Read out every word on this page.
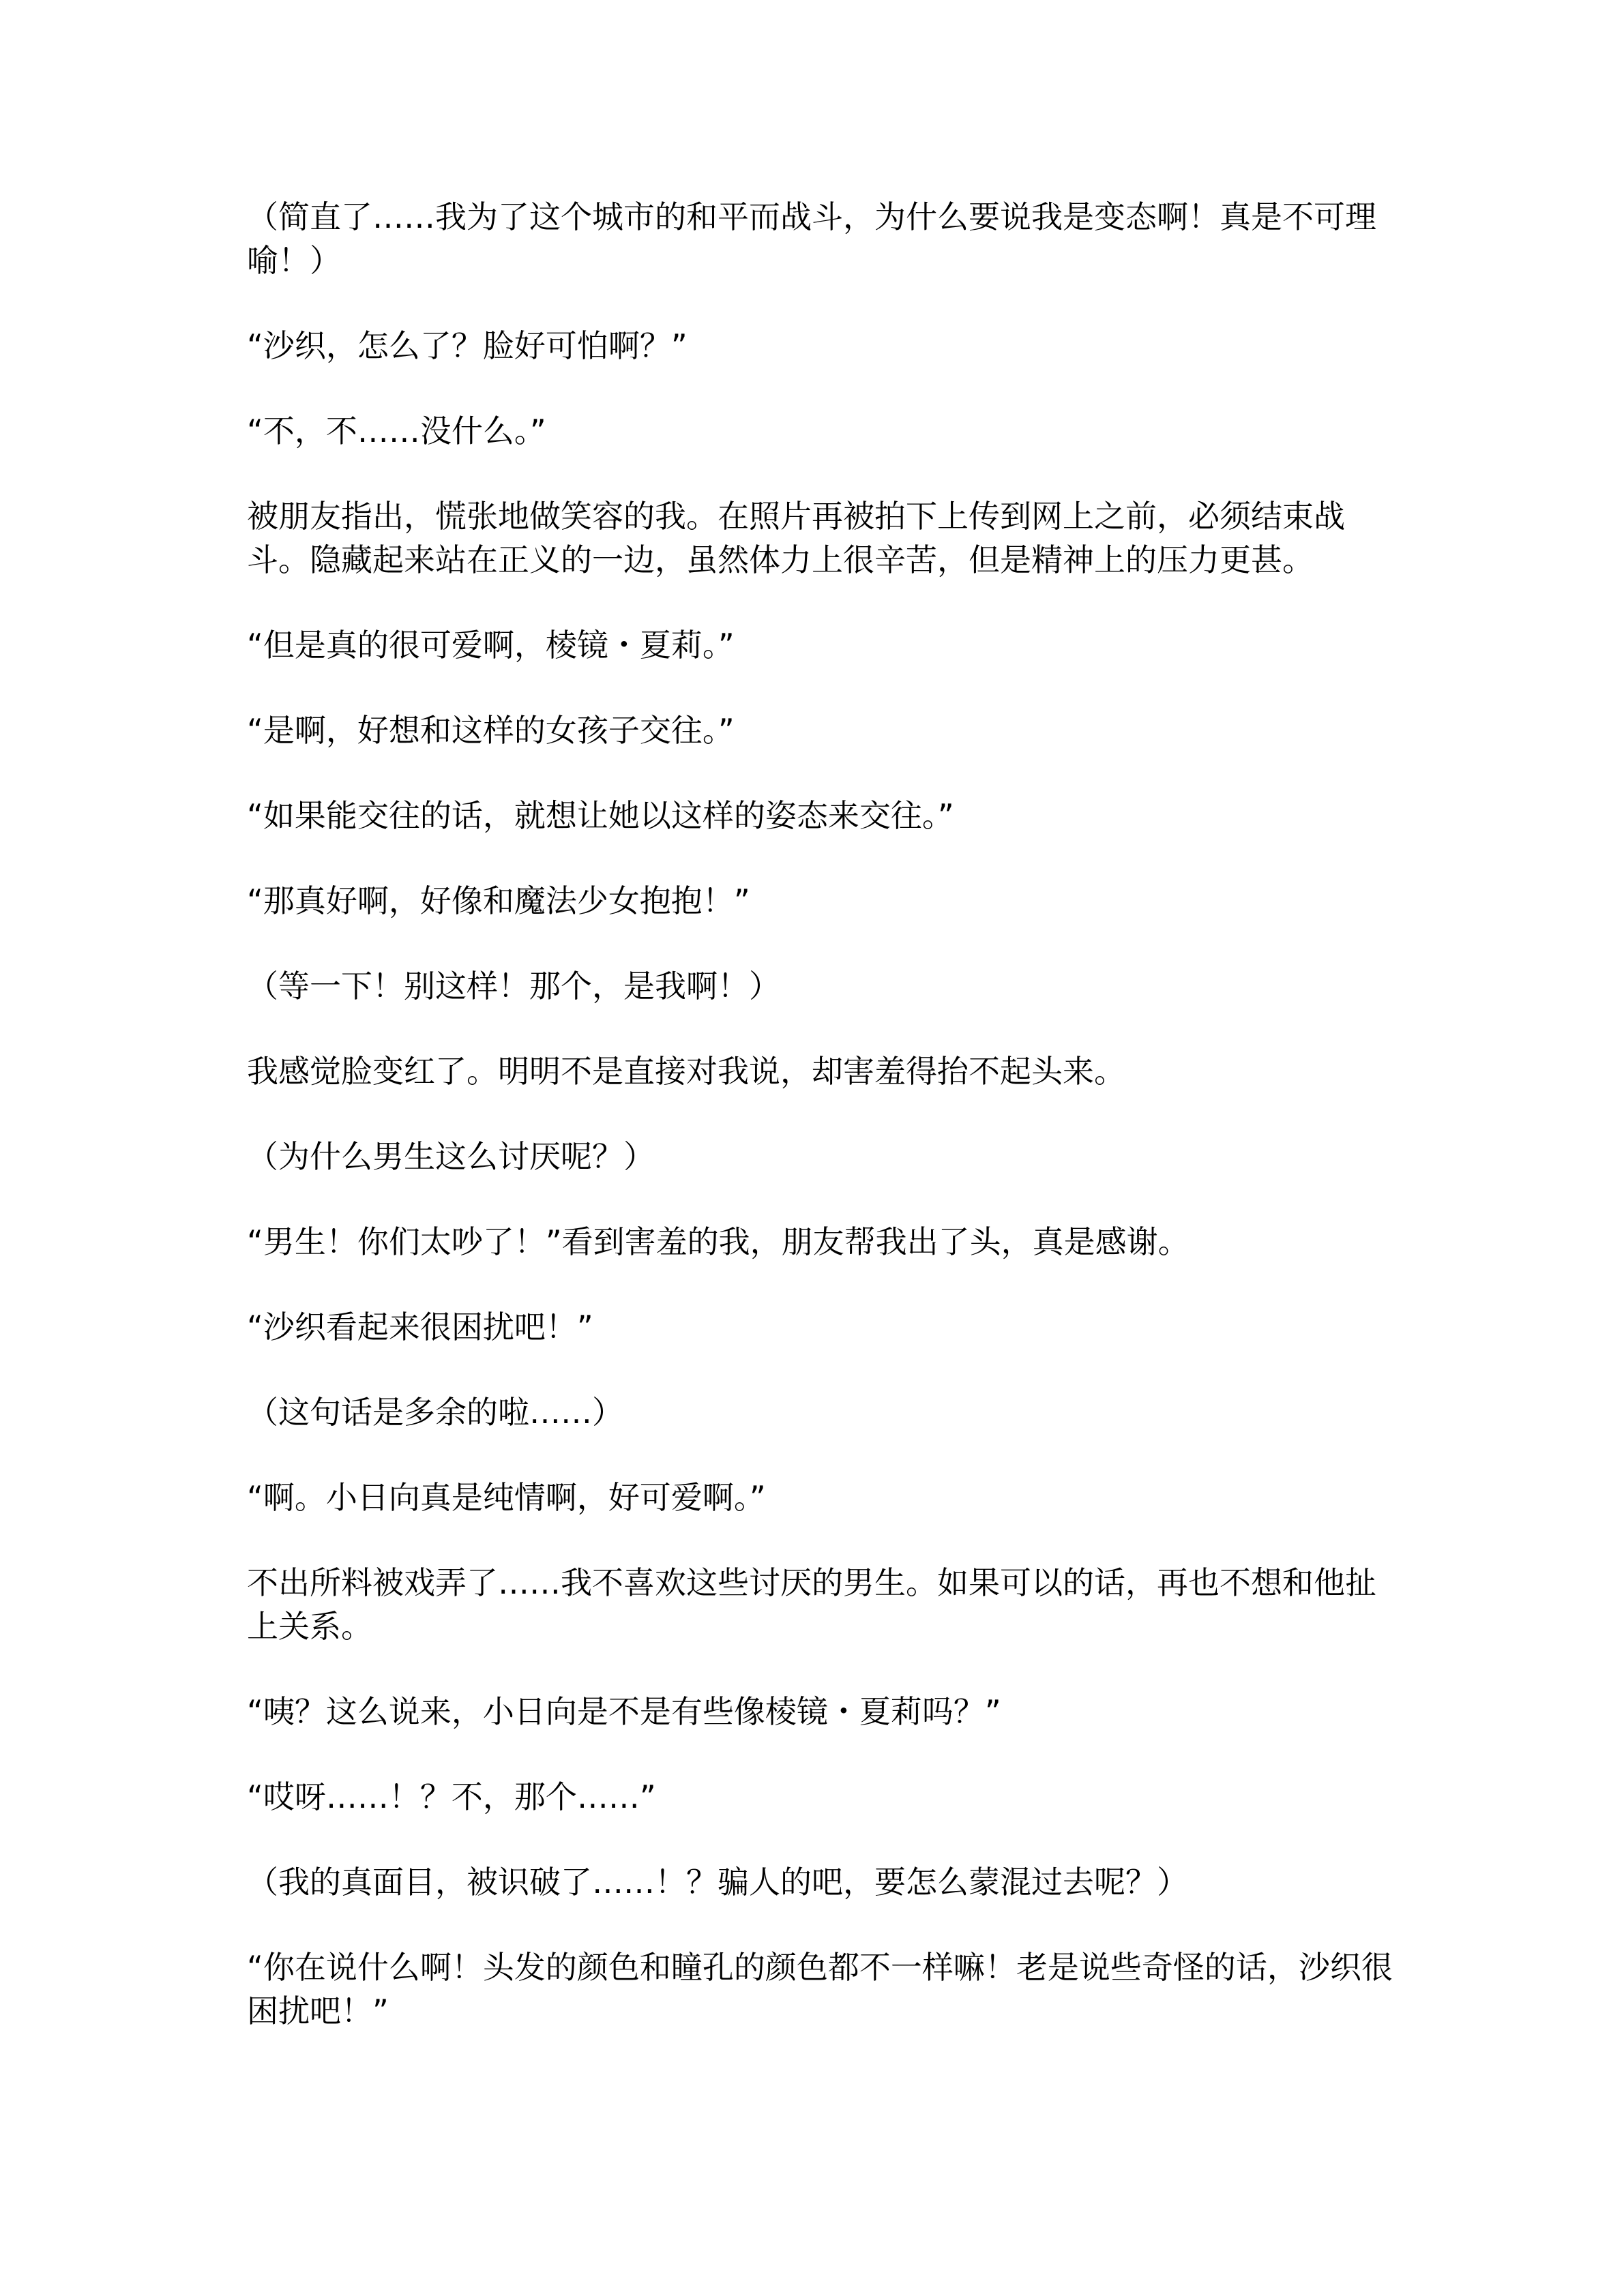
（简直了……我为了这个城市的和平而战斗，为什么要说我是变态啊！真是不可理喻！）

“沙织，怎么了？脸好可怕啊？”

“不，不……没什么。”

被朋友指出，慌张地做笑容的我。在照片再被拍下上传到网上之前，必须结束战斗。隐藏起来站在正义的一边，虽然体力上很辛苦，但是精神上的压力更甚。

“但是真的很可爱啊，棱镜・夏莉。”

“是啊，好想和这样的女孩子交往。”

“如果能交往的话，就想让她以这样的姿态来交往。”

“那真好啊，好像和魔法少女抱抱！”

（等一下！别这样！那个，是我啊！）

我感觉脸变红了。明明不是直接对我说，却害羞得抬不起头来。

（为什么男生这么讨厌呢？）

“男生！你们太吵了！”看到害羞的我，朋友帮我出了头，真是感谢。

“沙织看起来很困扰吧！”

（这句话是多余的啦……）

“啊。小日向真是纯情啊，好可爱啊。”

不出所料被戏弄了……我不喜欢这些讨厌的男生。如果可以的话，再也不想和他扯上关系。

“咦？这么说来，小日向是不是有些像棱镜・夏莉吗？”

“哎呀……！？不，那个……”

（我的真面目，被识破了……！？骗人的吧，要怎么蒙混过去呢？）

“你在说什么啊！头发的颜色和瞳孔的颜色都不一样嘛！老是说些奇怪的话，沙织很困扰吧！”
